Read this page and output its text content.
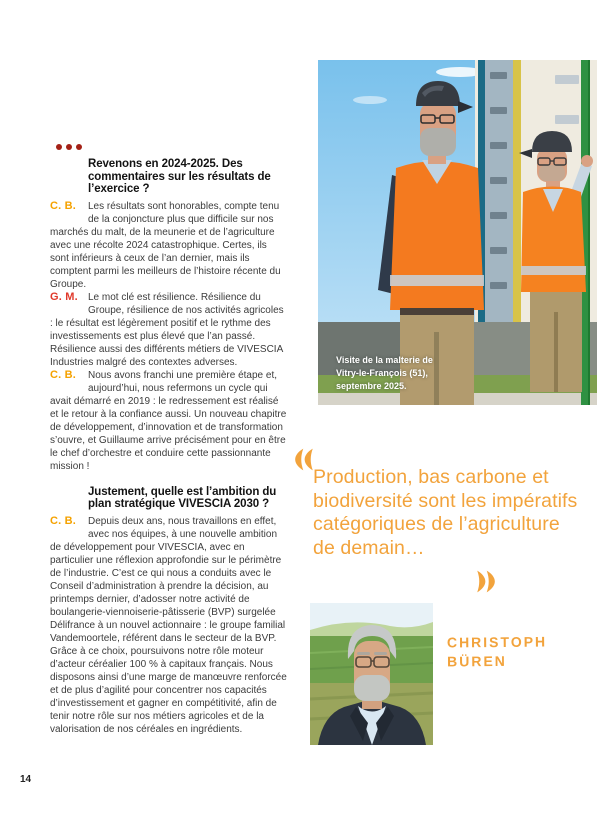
Revenons en 2024-2025. Des commentaires sur les résultats de l’exercice ?

C. B.	Les résultats sont honorables, compte tenu de la conjoncture plus que difficile sur nos marchés du malt, de la meunerie et de l’agriculture avec une récolte 2024 catastrophique. Certes, ils sont inférieurs à ceux de l’an dernier, mais ils comptent parmi les meilleurs de l’histoire récente du Groupe.

G. M.	Le mot clé est résilience. Résilience du Groupe, résilience de nos activités agricoles : le résultat est légèrement positif et le rythme des investissements est plus élevé que l’an passé. Résilience aussi des différents métiers de VIVESCIA Industries malgré des contextes adverses.

C. B.	Nous avons franchi une première étape et, aujourd’hui, nous refermons un cycle qui avait démarré en 2019 : le redressement est réalisé et le retour à la confiance aussi. Un nouveau chapitre de développement, d’innovation et de transformation s’ouvre, et Guillaume arrive précisément pour en être le chef d’orchestre et conduire cette passionnante mission !

Justement, quelle est l’ambition du plan stratégique VIVESCIA 2030 ?

C. B.	Depuis deux ans, nous travaillons en effet, avec nos équipes, à une nouvelle ambition de développement pour VIVESCIA, avec en particulier une réflexion approfondie sur le périmètre de l’industrie. C’est ce qui nous a conduits avec le Conseil d’administration à prendre la décision, au printemps dernier, d’adosser notre activité de boulangerie-viennoiserie-pâtisserie (BVP) surgelée Délifrance à un nouvel actionnaire : le groupe familial Vandemoortele, référent dans le secteur de la BVP. Grâce à ce choix, poursuivons notre rôle moteur d’acteur céréalier 100 % à capitaux français. Nous disposons ainsi d’une marge de manœuvre renforcée et de plus d’agilité pour concentrer nos capacités d’investissement et gagner en compétitivité, afin de tenir notre rôle sur nos métiers agricoles et de la valorisation de nos céréales en ingrédients.

Visite de la malterie de Vitry-le-François (51), septembre 2025.

Production, bas carbone et biodiversité sont les impératifs catégoriques de l’agriculture de demain…

CHRISTOPH
BÜREN
14
